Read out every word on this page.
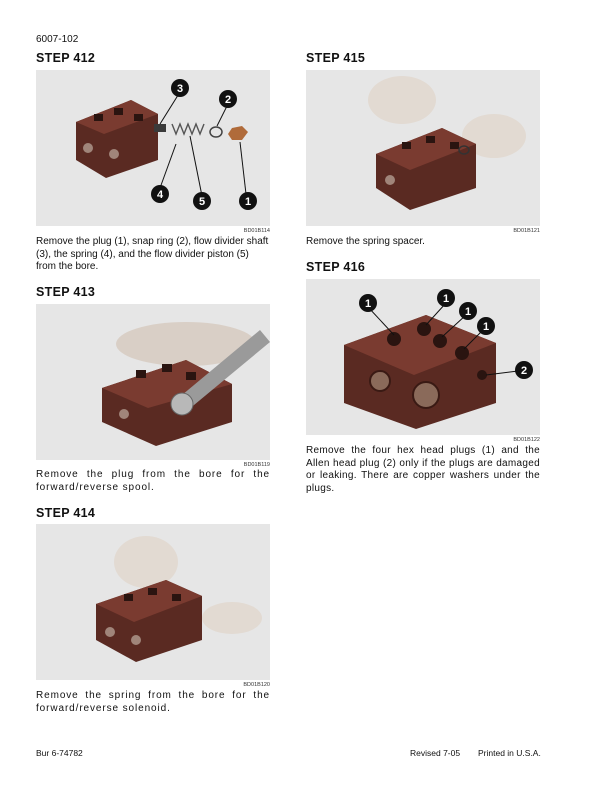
6007-102
STEP 412
3
2
1
4
5
BD01B114
Remove the plug (1), snap ring (2), flow divider shaft (3), the spring (4), and the flow divider piston (5) from the bore.
STEP 413
BD01B119
Remove the plug from the bore for the forward/reverse spool.
STEP 414
BD01B120
Remove the spring from the bore for the forward/reverse solenoid.
STEP 415
BD01B121
Remove the spring spacer.
STEP 416
1	1
1
1
2
BD01B122
Remove the four hex head plugs (1) and the Allen head plug (2) only if the plugs are damaged or leaking. There are copper washers under the plugs.
Bur 6-74782	Revised 7-05 Printed in U.S.A.
